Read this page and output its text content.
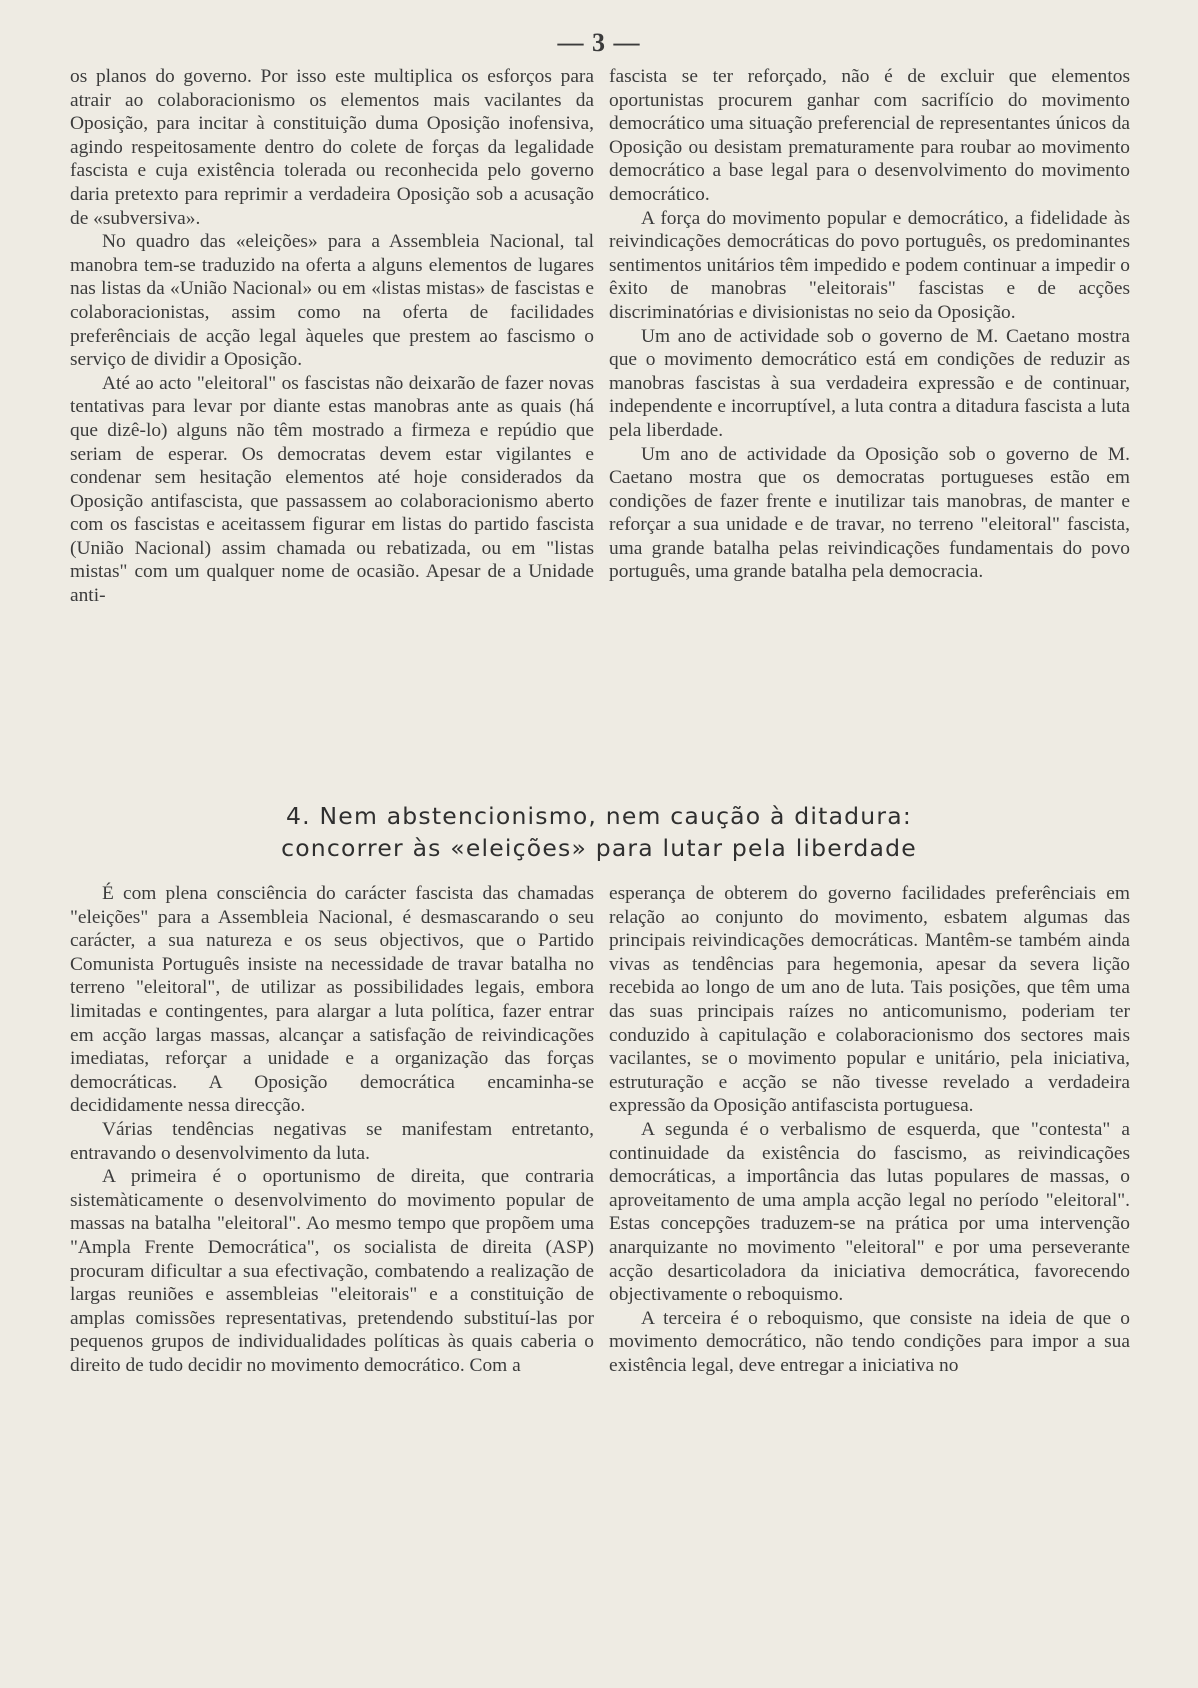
— 3 —

os planos do governo. Por isso este multiplica os esforços para atrair ao colaboracionismo os elementos mais vacilantes da Oposição, para incitar à constituição duma Oposição inofensiva, agindo respeitosamente dentro do colete de forças da legalidade fascista e cuja existência tolerada ou reconhecida pelo governo daria pretexto para reprimir a verdadeira Oposição sob a acusação de «subversiva».

No quadro das «eleições» para a Assembleia Nacional, tal manobra tem-se traduzido na oferta a alguns elementos de lugares nas listas da «União Nacional» ou em «listas mistas» de fascistas e colaboracionistas, assim como na oferta de facilidades preferênciais de acção legal àqueles que prestem ao fascismo o serviço de dividir a Oposição.

Até ao acto "eleitoral" os fascistas não deixarão de fazer novas tentativas para levar por diante estas manobras ante as quais (há que dizê-lo) alguns não têm mostrado a firmeza e repúdio que seriam de esperar. Os democratas devem estar vigilantes e condenar sem hesitação elementos até hoje considerados da Oposição antifascista, que passassem ao colaboracionismo aberto com os fascistas e aceitassem figurar em listas do partido fascista (União Nacional) assim chamada ou rebatizada, ou em "listas mistas" com um qualquer nome de ocasião. Apesar de a Unidade anti-

fascista se ter reforçado, não é de excluir que elementos oportunistas procurem ganhar com sacrifício do movimento democrático uma situação preferencial de representantes únicos da Oposição ou desistam prematuramente para roubar ao movimento democrático a base legal para o desenvolvimento do movimento democrático.

A força do movimento popular e democrático, a fidelidade às reivindicações democráticas do povo português, os predominantes sentimentos unitários têm impedido e podem continuar a impedir o êxito de manobras "eleitorais" fascistas e de acções discriminatórias e divisionistas no seio da Oposição.

Um ano de actividade sob o governo de M. Caetano mostra que o movimento democrático está em condições de reduzir as manobras fascistas à sua verdadeira expressão e de continuar, independente e incorruptível, a luta contra a ditadura fascista a luta pela liberdade.

Um ano de actividade da Oposição sob o governo de M. Caetano mostra que os democratas portugueses estão em condições de fazer frente e inutilizar tais manobras, de manter e reforçar a sua unidade e de travar, no terreno "eleitoral" fascista, uma grande batalha pelas reivindicações fundamentais do povo português, uma grande batalha pela democracia.

4. Nem abstencionismo, nem caução à ditadura:
concorrer às «eleições» para lutar pela liberdade

É com plena consciência do carácter fascista das chamadas "eleições" para a Assembleia Nacional, é desmascarando o seu carácter, a sua natureza e os seus objectivos, que o Partido Comunista Português insiste na necessidade de travar batalha no terreno "eleitoral", de utilizar as possibilidades legais, embora limitadas e contingentes, para alargar a luta política, fazer entrar em acção largas massas, alcançar a satisfação de reivindicações imediatas, reforçar a unidade e a organização das forças democráticas. A Oposição democrática encaminha-se decididamente nessa direcção.

Várias tendências negativas se manifestam entretanto, entravando o desenvolvimento da luta.

A primeira é o oportunismo de direita, que contraria sistemàticamente o desenvolvimento do movimento popular de massas na batalha "eleitoral". Ao mesmo tempo que propõem uma "Ampla Frente Democrática", os socialista de direita (ASP) procuram dificultar a sua efectivação, combatendo a realização de largas reuniões e assembleias "eleitorais" e a constituição de amplas comissões representativas, pretendendo substituí-las por pequenos grupos de individualidades políticas às quais caberia o direito de tudo decidir no movimento democrático. Com a

esperança de obterem do governo facilidades preferênciais em relação ao conjunto do movimento, esbatem algumas das principais reivindicações democráticas. Mantêm-se também ainda vivas as tendências para hegemonia, apesar da severa lição recebida ao longo de um ano de luta. Tais posições, que têm uma das suas principais raízes no anticomunismo, poderiam ter conduzido à capitulação e colaboracionismo dos sectores mais vacilantes, se o movimento popular e unitário, pela iniciativa, estruturação e acção se não tivesse revelado a verdadeira expressão da Oposição antifascista portuguesa.

A segunda é o verbalismo de esquerda, que "contesta" a continuidade da existência do fascismo, as reivindicações democráticas, a importância das lutas populares de massas, o aproveitamento de uma ampla acção legal no período "eleitoral". Estas concepções traduzem-se na prática por uma intervenção anarquizante no movimento "eleitoral" e por uma perseverante acção desarticoladora da iniciativa democrática, favorecendo objectivamente o reboquismo.

A terceira é o reboquismo, que consiste na ideia de que o movimento democrático, não tendo condições para impor a sua existência legal, deve entregar a iniciativa no
